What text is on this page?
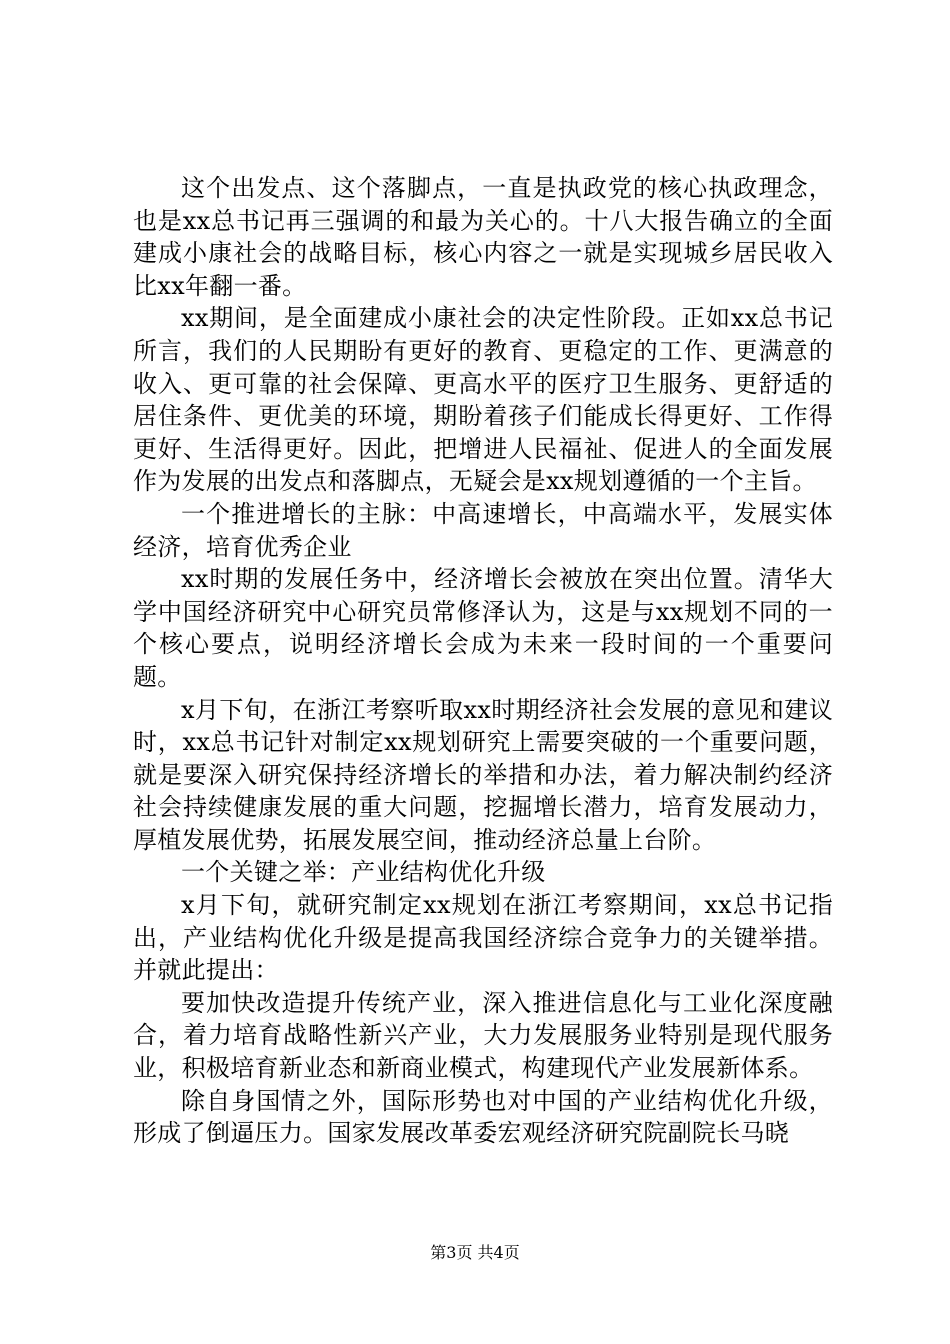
这个出发点、这个落脚点，一直是执政党的核心执政理念，也是xx总书记再三强调的和最为关心的。十八大报告确立的全面建成小康社会的战略目标，核心内容之一就是实现城乡居民收入比xx年翻一番。

xx期间，是全面建成小康社会的决定性阶段。正如xx总书记所言，我们的人民期盼有更好的教育、更稳定的工作、更满意的收入、更可靠的社会保障、更高水平的医疗卫生服务、更舒适的居住条件、更优美的环境，期盼着孩子们能成长得更好、工作得更好、生活得更好。因此，把增进人民福祉、促进人的全面发展作为发展的出发点和落脚点，无疑会是xx规划遵循的一个主旨。

一个推进增长的主脉：中高速增长，中高端水平，发展实体经济，培育优秀企业

xx时期的发展任务中，经济增长会被放在突出位置。清华大学中国经济研究中心研究员常修泽认为，这是与xx规划不同的一个核心要点，说明经济增长会成为未来一段时间的一个重要问题。

x月下旬，在浙江考察听取xx时期经济社会发展的意见和建议时，xx总书记针对制定xx规划研究上需要突破的一个重要问题，就是要深入研究保持经济增长的举措和办法，着力解决制约经济社会持续健康发展的重大问题，挖掘增长潜力，培育发展动力，厚植发展优势，拓展发展空间，推动经济总量上台阶。

一个关键之举：产业结构优化升级

x月下旬，就研究制定xx规划在浙江考察期间，xx总书记指出，产业结构优化升级是提高我国经济综合竞争力的关键举措。并就此提出：

要加快改造提升传统产业，深入推进信息化与工业化深度融合，着力培育战略性新兴产业，大力发展服务业特别是现代服务业，积极培育新业态和新商业模式，构建现代产业发展新体系。

除自身国情之外，国际形势也对中国的产业结构优化升级，形成了倒逼压力。国家发展改革委宏观经济研究院副院长马晓

第3页 共4页
